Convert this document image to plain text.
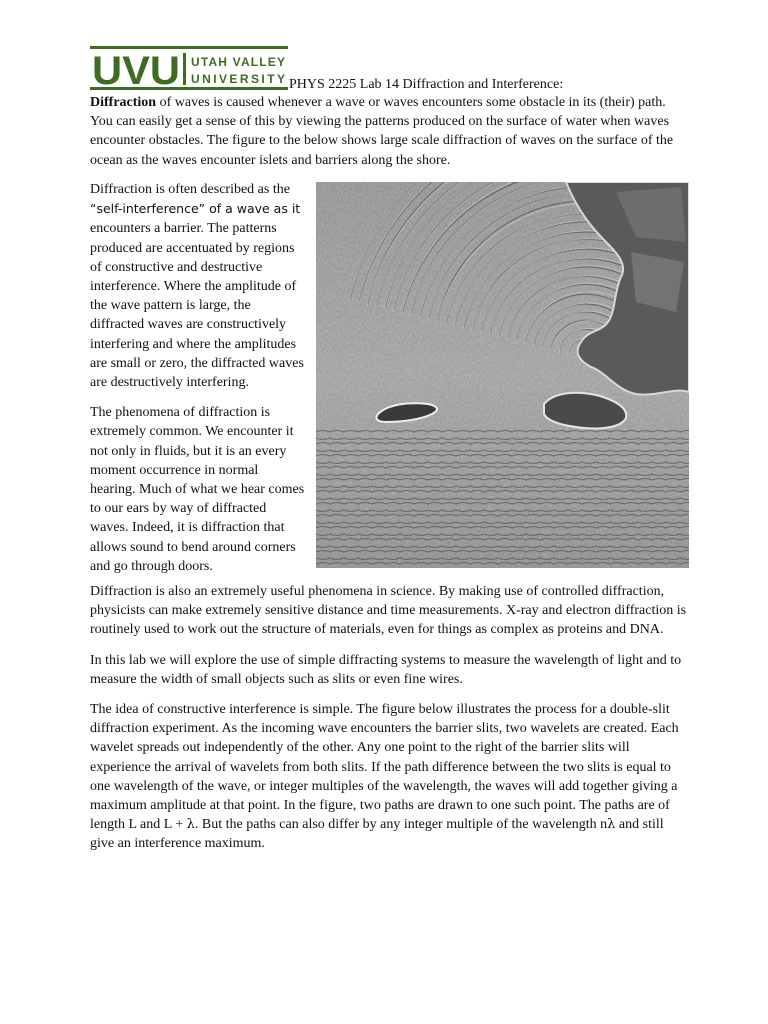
UVU UTAH VALLEY
UNIVERSITY PHYS 2225 Lab 14 Diffraction and Interference:

Diffraction of waves is caused whenever a wave or waves encounters some obstacle in its (their) path. You can easily get a sense of this by viewing the patterns produced on the surface of water when waves encounter obstacles. The figure to the below shows large scale diffraction of waves on the surface of the ocean as the waves encounter islets and barriers along the shore.

Diffraction is often described as the “self-interference” of a wave as it encounters a barrier. The patterns produced are accentuated by regions of constructive and destructive interference. Where the amplitude of the wave pattern is large, the diffracted waves are constructively interfering and where the amplitudes are small or zero, the diffracted waves are destructively interfering.

The phenomena of diffraction is extremely common. We encounter it not only in fluids, but it is an every moment occurrence in normal hearing. Much of what we hear comes to our ears by way of diffracted waves. Indeed, it is diffraction that allows sound to bend around corners and go through doors.

Diffraction is also an extremely useful phenomena in science. By making use of controlled diffraction, physicists can make extremely sensitive distance and time measurements. X-ray and electron diffraction is routinely used to work out the structure of materials, even for things as complex as proteins and DNA.

In this lab we will explore the use of simple diffracting systems to measure the wavelength of light and to measure the width of small objects such as slits or even fine wires.

The idea of constructive interference is simple. The figure below illustrates the process for a double-slit diffraction experiment. As the incoming wave encounters the barrier slits, two wavelets are created. Each wavelet spreads out independently of the other. Any one point to the right of the barrier slits will experience the arrival of wavelets from both slits. If the path difference between the two slits is equal to one wavelength of the wave, or integer multiples of the wavelength, the waves will add together giving a maximum amplitude at that point. In the figure, two paths are drawn to one such point. The paths are of length L and L + λ. But the paths can also differ by any integer multiple of the wavelength nλ and still give an interference maximum.
